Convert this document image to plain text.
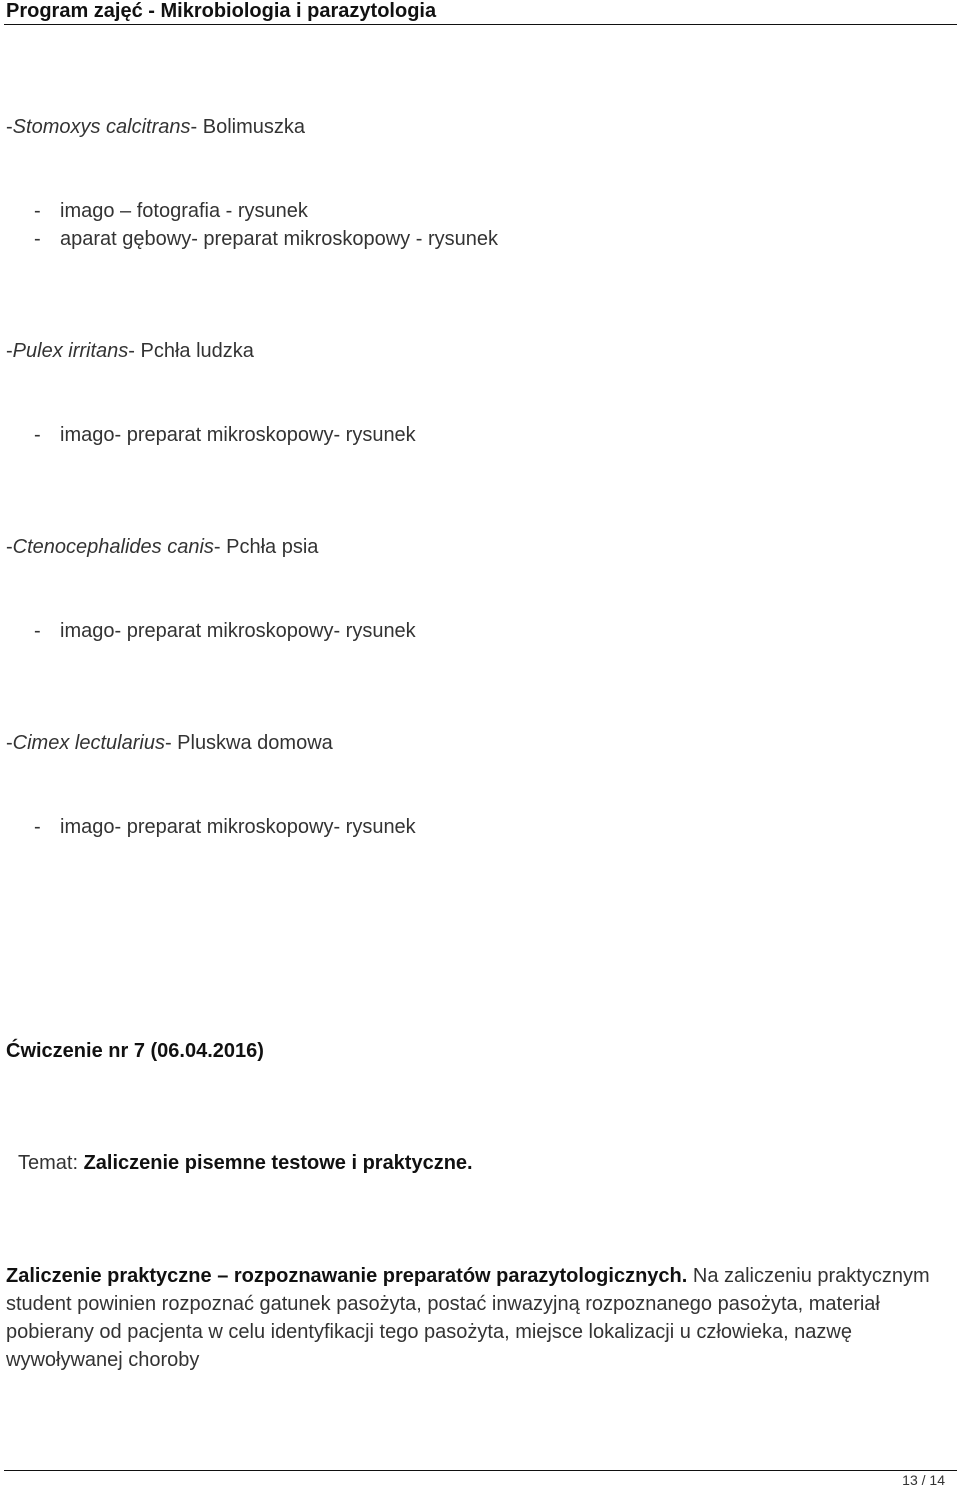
Program zajęć - Mikrobiologia i parazytologia
-Stomoxys calcitrans- Bolimuszka
- imago – fotografia - rysunek
- aparat gębowy- preparat mikroskopowy - rysunek
-Pulex irritans- Pchła ludzka
- imago- preparat mikroskopowy- rysunek
-Ctenocephalides canis- Pchła psia
- imago- preparat mikroskopowy- rysunek
-Cimex lectularius- Pluskwa domowa
- imago- preparat mikroskopowy- rysunek
Ćwiczenie nr 7 (06.04.2016)
Temat: Zaliczenie pisemne testowe i praktyczne.
Zaliczenie praktyczne – rozpoznawanie preparatów parazytologicznych. Na zaliczeniu praktycznym student powinien rozpoznać gatunek pasożyta, postać inwazyjną rozpoznanego pasożyta, materiał pobierany od pacjenta w celu identyfikacji tego pasożyta, miejsce lokalizacji u człowieka, nazwę wywoływanej choroby
13 / 14
